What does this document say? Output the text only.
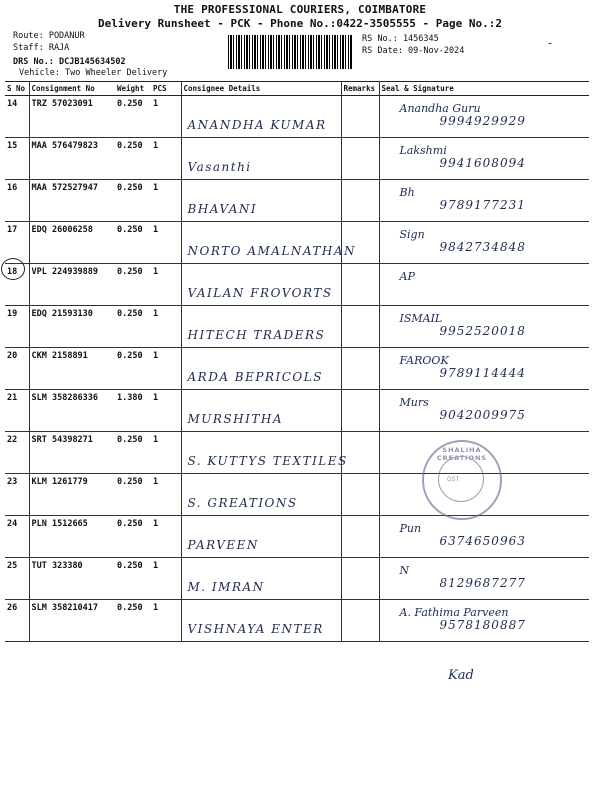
THE PROFESSIONAL COURIERS, COIMBATORE
Delivery Runsheet - PCK - Phone No.:0422-3505555 - Page No.:2
Route: PODANUR
Staff: RAJA
DRS No.: DCJB145634502
Vehicle: Two Wheeler Delivery
RS No.: 1456345
RS Date: 09-Nov-2024
‑
S No	Consignment No	Weight	PCS	Consignee Details	Remarks	Seal & Signature
14	TRZ 57023091	0.250	1	ANANDHA KUMAR		Anandha Guru
9994929929

15	MAA 576479823	0.250	1	Vasanthi		Lakshmi
9941608094

16	MAA 572527947	0.250	1	BHAVANI		Bh
9789177231

17	EDQ 26006258	0.250	1	NORTO AMALNATHAN		Sign
9842734848

18	VPL 224939889	0.250	1	VAILAN FROVORTS		AP

19	EDQ 21593130	0.250	1	HITECH TRADERS		ISMAIL
9952520018

20	CKM 2158891	0.250	1	ARDA BEPRICOLS		FAROOK
9789114444

21	SLM 358286336	1.380	1	MURSHITHA		Murs
9042009975

22	SRT 54398271	0.250	1	S. KUTTYS TEXTILES		

23	KLM 1261779	0.250	1	S. GREATIONS		

24	PLN 1512665	0.250	1	PARVEEN		Pun
6374650963

25	TUT 323380	0.250	1	M. IMRAN		N
8129687277

26	SLM 358210417	0.250	1	VISHNAYA ENTER		A. Fathima Parveen
9578180887
SHALIHA CREATIONS
GST
Kad
